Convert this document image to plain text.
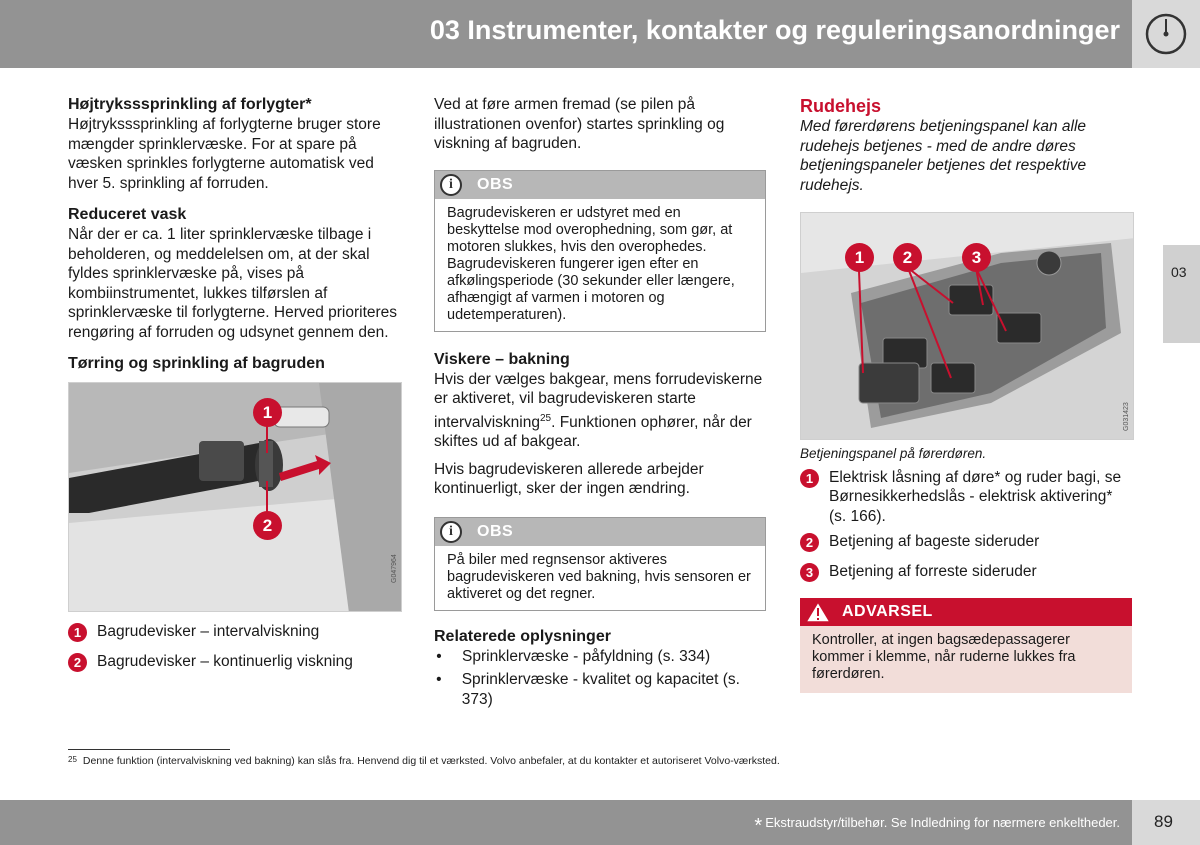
03 Instrumenter, kontakter og reguleringsanordninger
03
Højtryksssprinkling af forlygter*

Højtryksssprinkling af forlygterne bruger store mængder sprinklervæske. For at spare på væsken sprinkles forlygterne automatisk ved hver 5. sprinkling af forruden.

Reduceret vask

Når der er ca. 1 liter sprinklervæske tilbage i beholderen, og meddelelsen om, at der skal fyldes sprinklervæske på, vises på kombiinstrumentet, lukkes tilførslen af sprinklervæske til forlygterne. Herved prioriteres rengøring af forruden og udsynet gennem den.

Tørring og sprinkling af bagruden
1
2
G047964
1	Bagrudevisker – intervalviskning
2	Bagrudevisker – kontinuerlig viskning

Ved at føre armen fremad (se pilen på illustrationen ovenfor) startes sprinkling og viskning af bagruden.

i	OBS
Bagrudeviskeren er udstyret med en beskyttelse mod overophedning, som gør, at motoren slukkes, hvis den overophedes. Bagrudeviskeren fungerer igen efter en afkølingsperiode (30 sekunder eller længere, afhængigt af varmen i motoren og udetemperaturen).
Viskere – bakning

Hvis der vælges bakgear, mens forrudeviskerne er aktiveret, vil bagrudeviskeren starte intervalviskning$^{25}$. Funktionen ophører, når der skiftes ud af bakgear.

Hvis bagrudeviskeren allerede arbejder kontinuerligt, sker der ingen ændring.

i	OBS
På biler med regnsensor aktiveres bagrudeviskeren ved bakning, hvis sensoren er aktiveret og det regner.
Relaterede oplysninger
• Sprinklervæske - påfyldning (s. 334)
• Sprinklervæske - kvalitet og kapacitet (s. 373)
Rudehejs

Med førerdørens betjeningspanel kan alle rudehejs betjenes - med de andre døres betjeningspaneler betjenes det respektive rudehejs.

1	2	3
G031423
Betjeningspanel på førerdøren.
1	Elektrisk låsning af døre* og ruder bagi, se Børnesikkerhedslås - elektrisk aktivering* (s. 166).
2	Betjening af bageste sideruder
3	Betjening af forreste sideruder
ADVARSEL
Kontroller, at ingen bagsædepassagerer kommer i klemme, når ruderne lukkes fra førerdøren.
$^{25}$ Denne funktion (intervalviskning ved bakning) kan slås fra. Henvend dig til et værksted. Volvo anbefaler, at du kontakter et autoriseret Volvo-værksted.
* Ekstraudstyr/tilbehør. Se Indledning for nærmere enkeltheder. 89
